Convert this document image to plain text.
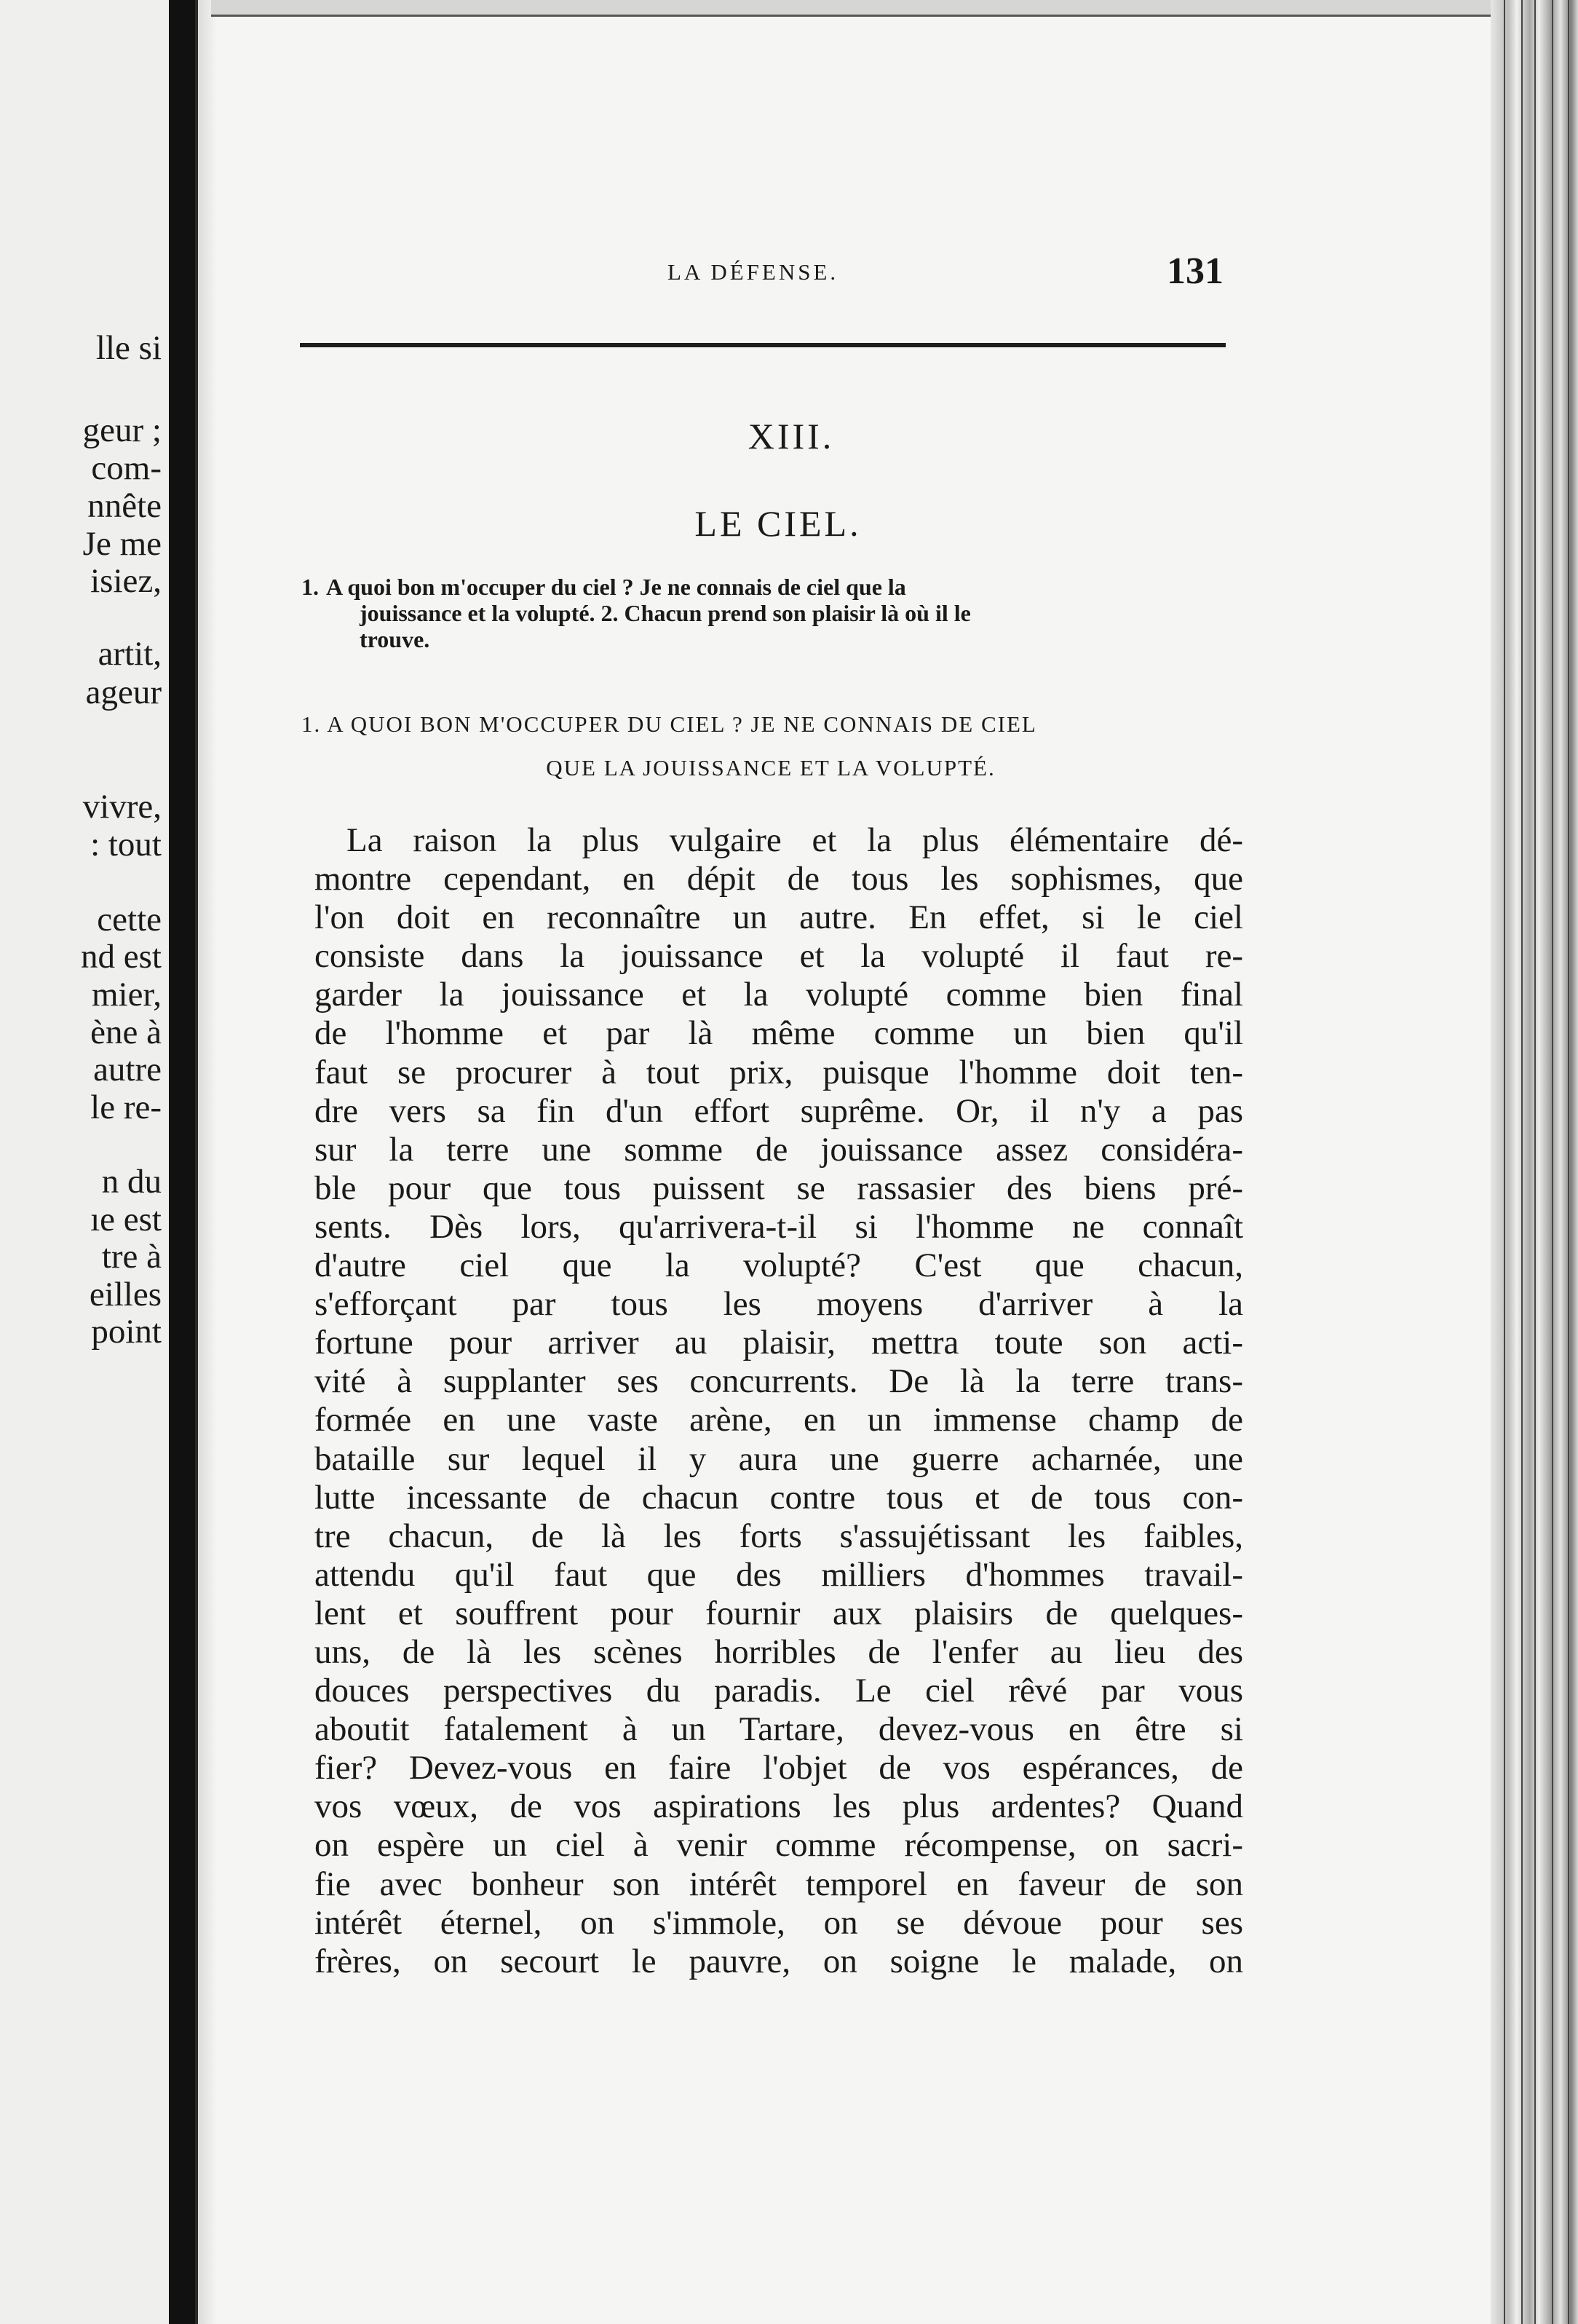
lle si
geur ;
com-
nnête
Je me
isiez,
artit,
ageur
vivre,
: tout
cette
nd est
mier,
ène à
autre
le re-
n du
ıe est
tre à
eilles
point
LA DÉFENSE.	131
XIII.
LE CIEL.
1. A quoi bon m'occuper du ciel ? Je ne connais de ciel que la
jouissance et la volupté. 2. Chacun prend son plaisir là où il le
trouve.
1. A QUOI BON M'OCCUPER DU CIEL ? JE NE CONNAIS DE CIEL
QUE LA JOUISSANCE ET LA VOLUPTÉ.
La raison la plus vulgaire et la plus élémentaire dé-
montre cependant, en dépit de tous les sophismes, que
l'on doit en reconnaître un autre. En effet, si le ciel
consiste dans la jouissance et la volupté il faut re-
garder la jouissance et la volupté comme bien final
de l'homme et par là même comme un bien qu'il
faut se procurer à tout prix, puisque l'homme doit ten-
dre vers sa fin d'un effort suprême. Or, il n'y a pas
sur la terre une somme de jouissance assez considéra-
ble pour que tous puissent se rassasier des biens pré-
sents. Dès lors, qu'arrivera-t-il si l'homme ne connaît
d'autre ciel que la volupté? C'est que chacun,
s'efforçant par tous les moyens d'arriver à la
fortune pour arriver au plaisir, mettra toute son acti-
vité à supplanter ses concurrents. De là la terre trans-
formée en une vaste arène, en un immense champ de
bataille sur lequel il y aura une guerre acharnée, une
lutte incessante de chacun contre tous et de tous con-
tre chacun, de là les forts s'assujétissant les faibles,
attendu qu'il faut que des milliers d'hommes travail-
lent et souffrent pour fournir aux plaisirs de quelques-
uns, de là les scènes horribles de l'enfer au lieu des
douces perspectives du paradis. Le ciel rêvé par vous
aboutit fatalement à un Tartare, devez-vous en être si
fier? Devez-vous en faire l'objet de vos espérances, de
vos vœux, de vos aspirations les plus ardentes? Quand
on espère un ciel à venir comme récompense, on sacri-
fie avec bonheur son intérêt temporel en faveur de son
intérêt éternel, on s'immole, on se dévoue pour ses
frères, on secourt le pauvre, on soigne le malade, on
